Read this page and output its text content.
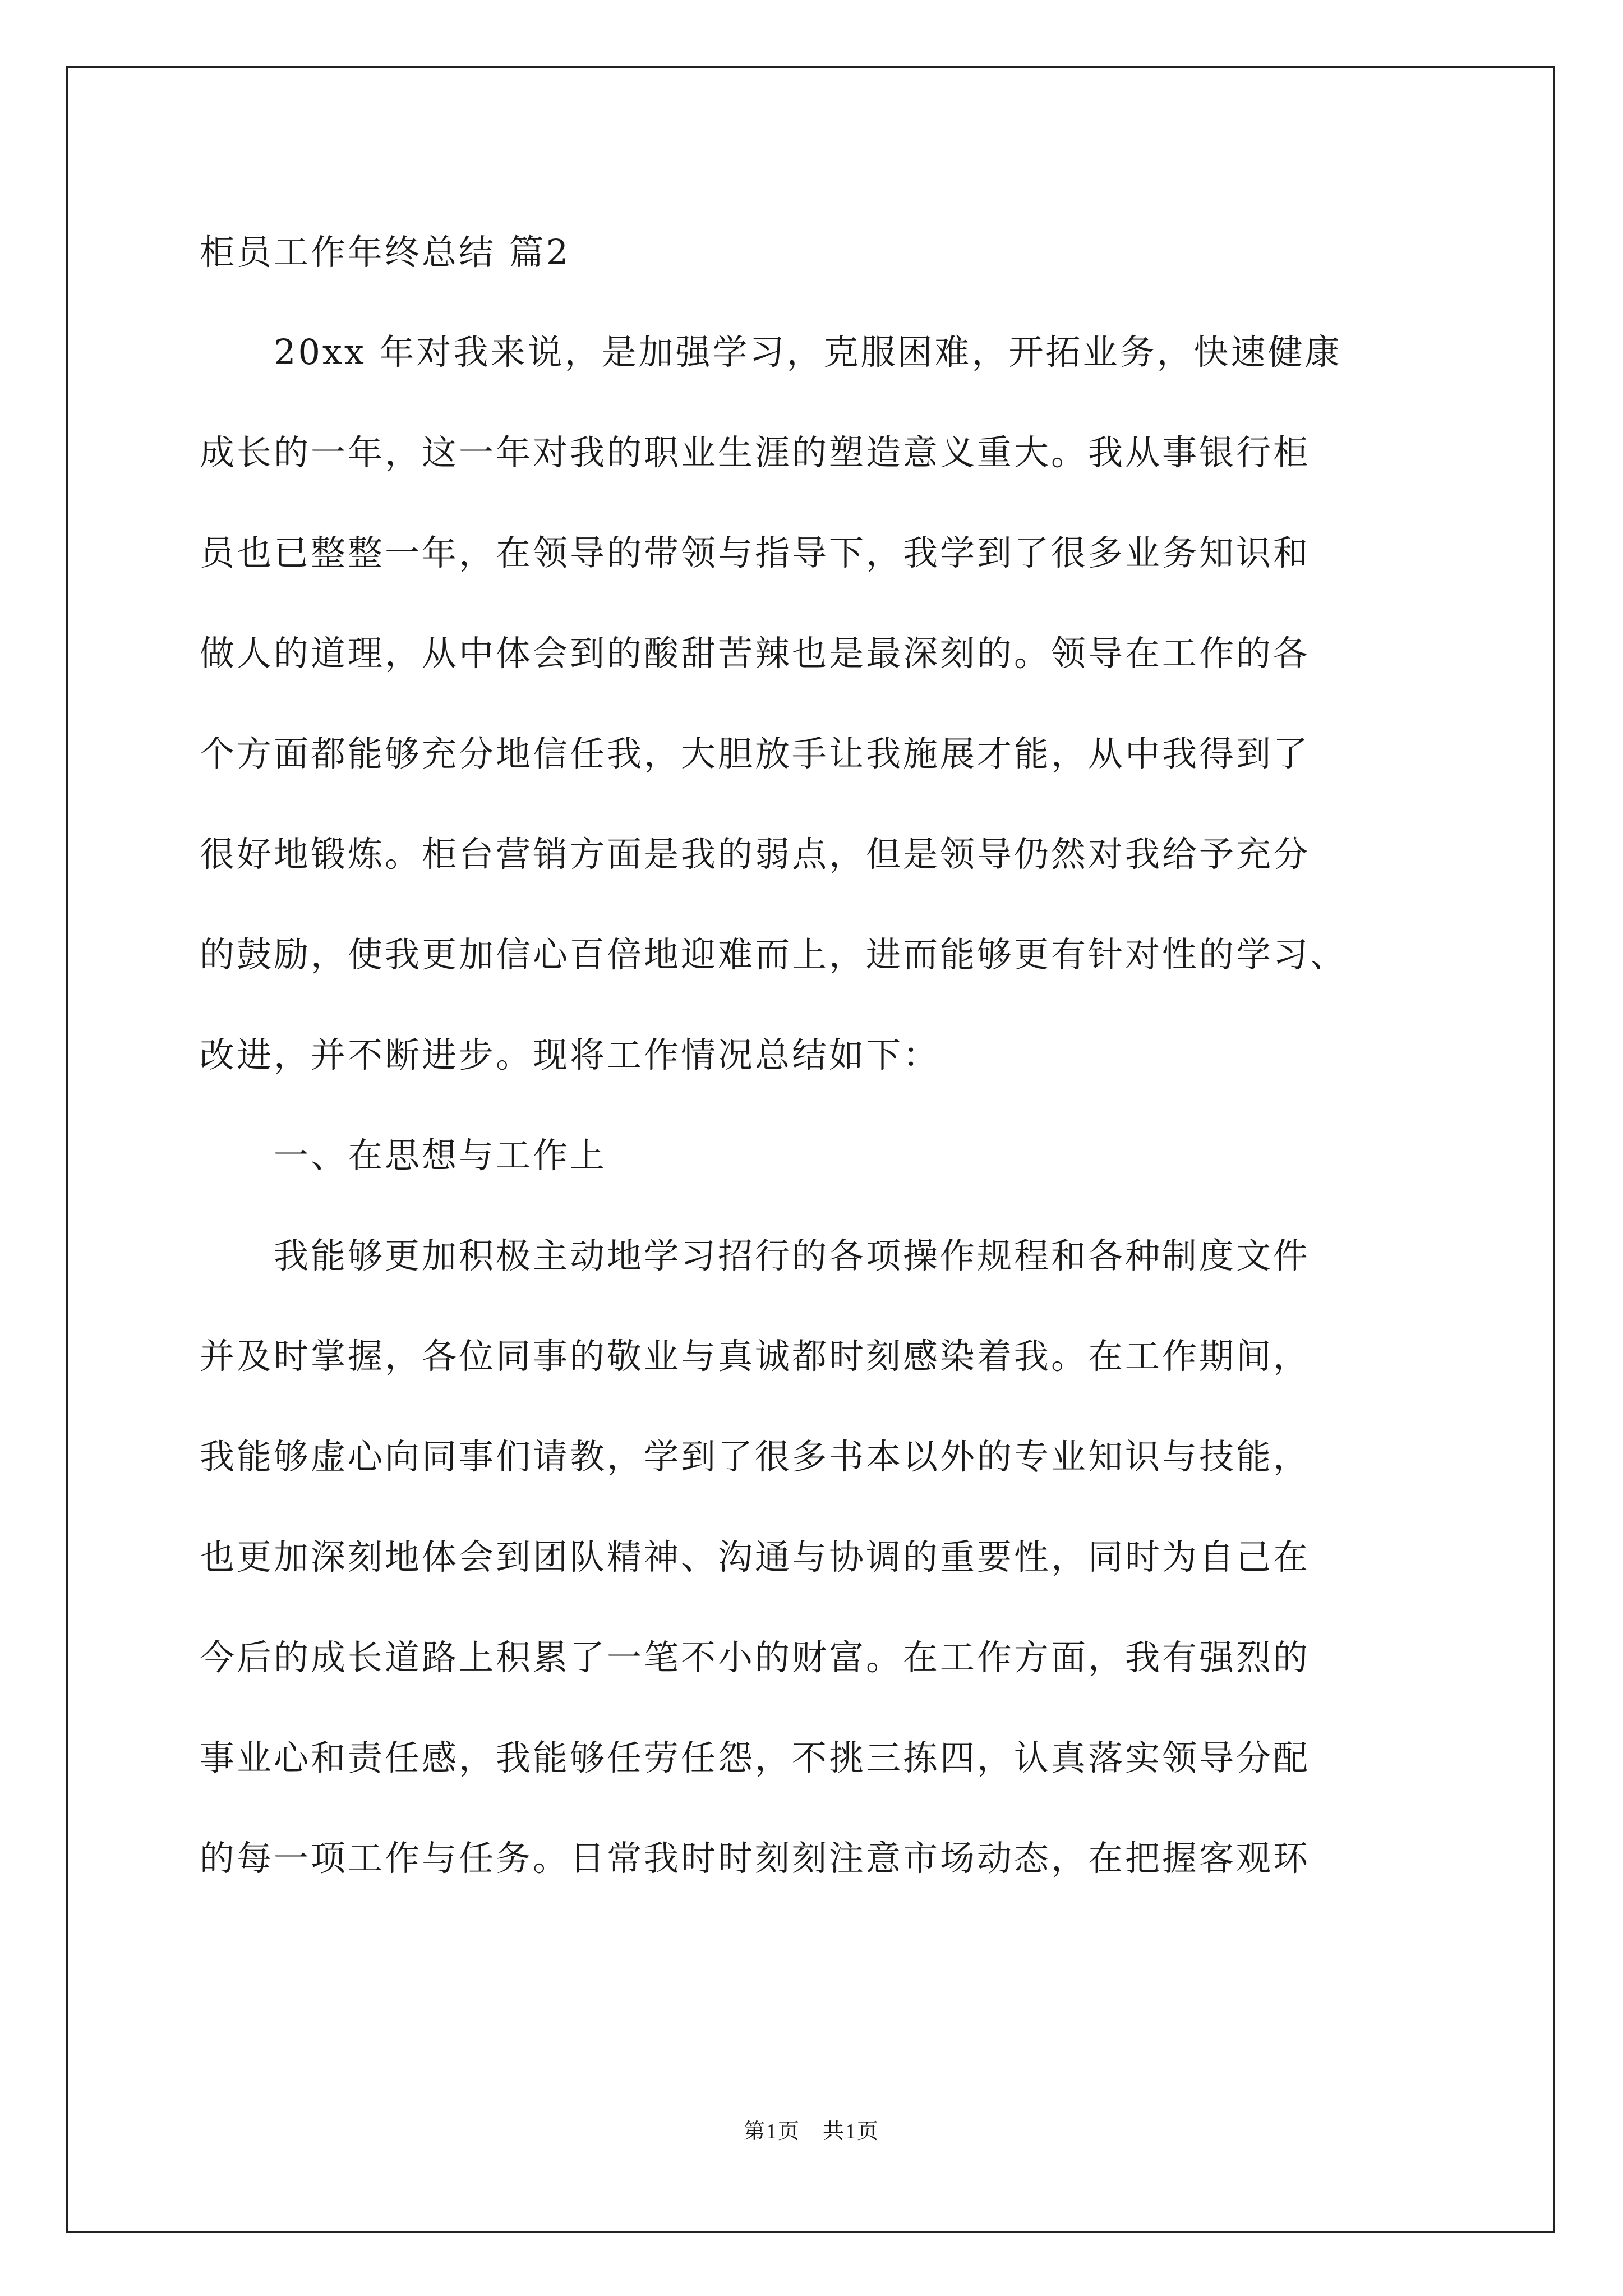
柜员工作年终总结 篇2
　　20xx 年对我来说，是加强学习，克服困难，开拓业务，快速健康
成长的一年，这一年对我的职业生涯的塑造意义重大。我从事银行柜
员也已整整一年，在领导的带领与指导下，我学到了很多业务知识和
做人的道理，从中体会到的酸甜苦辣也是最深刻的。领导在工作的各
个方面都能够充分地信任我，大胆放手让我施展才能，从中我得到了
很好地锻炼。柜台营销方面是我的弱点，但是领导仍然对我给予充分
的鼓励，使我更加信心百倍地迎难而上，进而能够更有针对性的学习、
改进，并不断进步。现将工作情况总结如下：
　　一、在思想与工作上
　　我能够更加积极主动地学习招行的各项操作规程和各种制度文件
并及时掌握，各位同事的敬业与真诚都时刻感染着我。在工作期间，
我能够虚心向同事们请教，学到了很多书本以外的专业知识与技能，
也更加深刻地体会到团队精神、沟通与协调的重要性，同时为自己在
今后的成长道路上积累了一笔不小的财富。在工作方面，我有强烈的
事业心和责任感，我能够任劳任怨，不挑三拣四，认真落实领导分配
的每一项工作与任务。日常我时时刻刻注意市场动态，在把握客观环
第1页　共1页
